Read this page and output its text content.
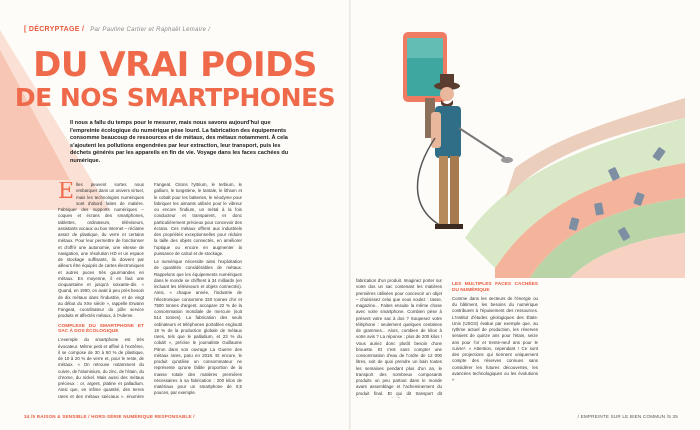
[ DÉCRYPTAGE / Par Pauline Cartier et Raphaël Lemaire /
DU VRAI POIDS
DE NOS SMARTPHONES
Il nous a fallu du temps pour le mesurer, mais nous savons aujourd'hui que l'empreinte écologique du numérique pèse lourd. La fabrication des équipements consomme beaucoup de ressources et de métaux, des métaux notamment. À cela s'ajoutent les pollutions engendrées par leur extraction, leur transport, puis les déchets générés par les appareils en fin de vie. Voyage dans les faces cachées du numérique.

Elles peuvent sortes nous embarquer dans un univers virtuel, mais les technologies numériques sont d'abord faites de matière. Fabriquer des supports numériques – coques et écrans des smartphones, tablettes, ordinateurs, téléviseurs, assistants vocaux ou box Internet – réclame assez de plastique, du verre et certains métaux. Pour leur permettre de fonctionner et d'offrir une autonomie, une vitesse de navigation, une résolution HD et un espace de stockage suffisants, ils doivent par ailleurs être équipés de cartes électroniques et autres puces très gourmandes en métaux. En moyenne, il en faut une cinquantaine et jusqu'à soixante-dix. « Quand, en 1900, on avait à peu près besoin de dix métaux dans l'industrie, et de vingt au début du XXe siècle », rappelle Erwann Fangeat, coordinateur du pôle service produits et affectés métaux, à l'Ademe.

COMPLEXE DU SMARTPHONE ET SAC À DOS ÉCOLOGIQUE

L'exemple du smartphone est très évocateur. Même petit et affiné à l'extrême, il se compose de 30 à 50 % de plastique, de 10 à 20 % de verre et, pour le reste, de métaux. « On retrouve notamment du cuivre, de l'aluminium, du zinc, de l'étain, du chrome, du nickel. Mais aussi des métaux précieux : or, argent, platine et palladium. Ainsi que, en infime quantité, des terres rares et des métaux spéciaux », énumère

Fangeat. Citons l'yttrium, le terbium, le gallium, le tungstène, le tantale, le lithium et le cobalt pour les batteries, le néodyme pour fabriquer les aimants utilisés pour le vibreur ou encore l'indium, un métal à la fois conducteur et transparent, et donc particulièrement précieux pour concevoir des écrans. Ces métaux offrent aux industriels des propriétés exceptionnelles pour réduire la taille des objets connectés, en améliorer l'optique ou encore en augmenter la puissance de calcul et de stockage.

Le numérique nécessite ainsi l'exploitation de quantités considérables de métaux. Rappelons que les équipements numériques dans le monde se chiffrent à 34 milliards (en incluant les téléviseurs et objets connectés). Ainsi, « chaque année, l'industrie de l'électronique consomme 320 tonnes d'or et 7500 tonnes d'argent, accapare 22 % de la consommation mondiale de mercure (soit 514 tonnes). La fabrication des seuls ordinateurs et téléphones portables engloutit 19 % de la production globale de métaux rares, tels que le palladium, et 23 % du cobalt », précise le journaliste Guillaume Pitron dans son ouvrage La Guerre des métaux rares, paru en 2018. Et encore, le produit qu'utilise un consommateur ne représente qu'une faible proportion de la masse totale des matières premières nécessaires à sa fabrication : 200 kilos de matériaux pour un smartphone de 0,5 pouces, par exemple.

fabrication d'un produit. Imaginez porter sur votre dos un sac contenant les matières premières utilisées pour concevoir un objet – choisissez celui que vous voulez : tasse, magazine... Faites ensuite la même chose avec votre smartphone. Combien pèse à présent votre sac à dos ? Soupesez votre téléphone : seulement quelques centaines de grammes... Alors, combien de kilos à votre avis ? La réponse : plus de 200 kilos ! Vous auriez donc plutôt besoin d'une brouette. Et c'est sans compter une consommation d'eau de l'ordre de 12 000 litres, soit de quoi prendre un bain toutes les semaines pendant plus d'un an, le transport des nombreux composants produits un peu partout dans le monde avant assemblage et l'acheminement du produit final. Et qui dit transport dit

LES MULTIPLES FACES CACHÉES DU NUMÉRIQUE

Comme dans les secteurs de l'énergie ou du bâtiment, les besoins du numérique contribuent à l'épuisement des ressources. L'Institut d'études géologiques des États-Unis (USGS) évalue par exemple que, au rythme actuel de production, les réserves seraient de quinze ans pour l'étain, seize ans pour l'or et trente-neuf ans pour le cuivre¹. « Attention, cependant ! Ce sont des projections qui tiennent uniquement compte des réserves connues sans considérer les futures découvertes, les avancées technologiques ou les évolutions »

34 /5 RAISON & SENSIBLE / HORS-SÉRIE NUMÉRIQUE RESPONSABLE /	/ EMPREINTE SUR LE BIEN COMMUN /5 35
